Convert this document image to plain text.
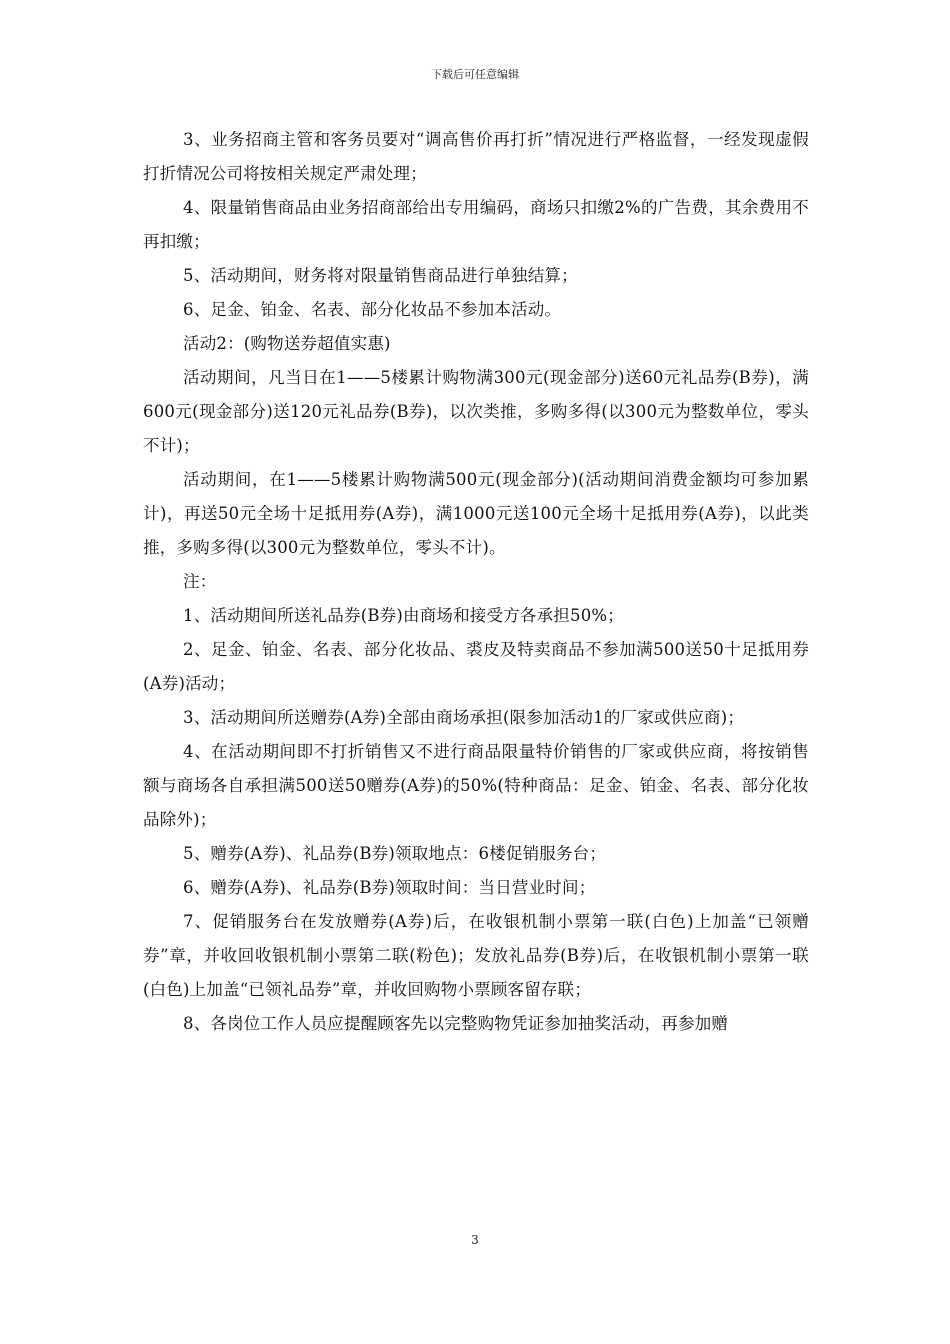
下载后可任意编辑

3、业务招商主管和客务员要对“调高售价再打折”情况进行严格监督，一经发现虚假打折情况公司将按相关规定严肃处理；

4、限量销售商品由业务招商部给出专用编码，商场只扣缴2%的广告费，其余费用不再扣缴；

5、活动期间，财务将对限量销售商品进行单独结算；

6、足金、铂金、名表、部分化妆品不参加本活动。

活动2：(购物送券超值实惠)

活动期间，凡当日在1——5楼累计购物满300元(现金部分)送60元礼品券(B券)，满600元(现金部分)送120元礼品券(B券)，以次类推，多购多得(以300元为整数单位，零头不计)；

活动期间，在1——5楼累计购物满500元(现金部分)(活动期间消费金额均可参加累计)，再送50元全场十足抵用券(A券)，满1000元送100元全场十足抵用券(A券)，以此类推，多购多得(以300元为整数单位，零头不计)。

注：

1、活动期间所送礼品券(B券)由商场和接受方各承担50%；

2、足金、铂金、名表、部分化妆品、裘皮及特卖商品不参加满500送50十足抵用券(A券)活动；

3、活动期间所送赠券(A券)全部由商场承担(限参加活动1的厂家或供应商)；

4、在活动期间即不打折销售又不进行商品限量特价销售的厂家或供应商，将按销售额与商场各自承担满500送50赠券(A券)的50%(特种商品：足金、铂金、名表、部分化妆品除外)；

5、赠券(A券)、礼品券(B券)领取地点：6楼促销服务台；

6、赠券(A券)、礼品券(B券)领取时间：当日营业时间；

7、促销服务台在发放赠券(A券)后，在收银机制小票第一联(白色)上加盖“已领赠券”章，并收回收银机制小票第二联(粉色)；发放礼品券(B券)后，在收银机制小票第一联(白色)上加盖“已领礼品券”章，并收回购物小票顾客留存联；

8、各岗位工作人员应提醒顾客先以完整购物凭证参加抽奖活动，再参加赠

3
